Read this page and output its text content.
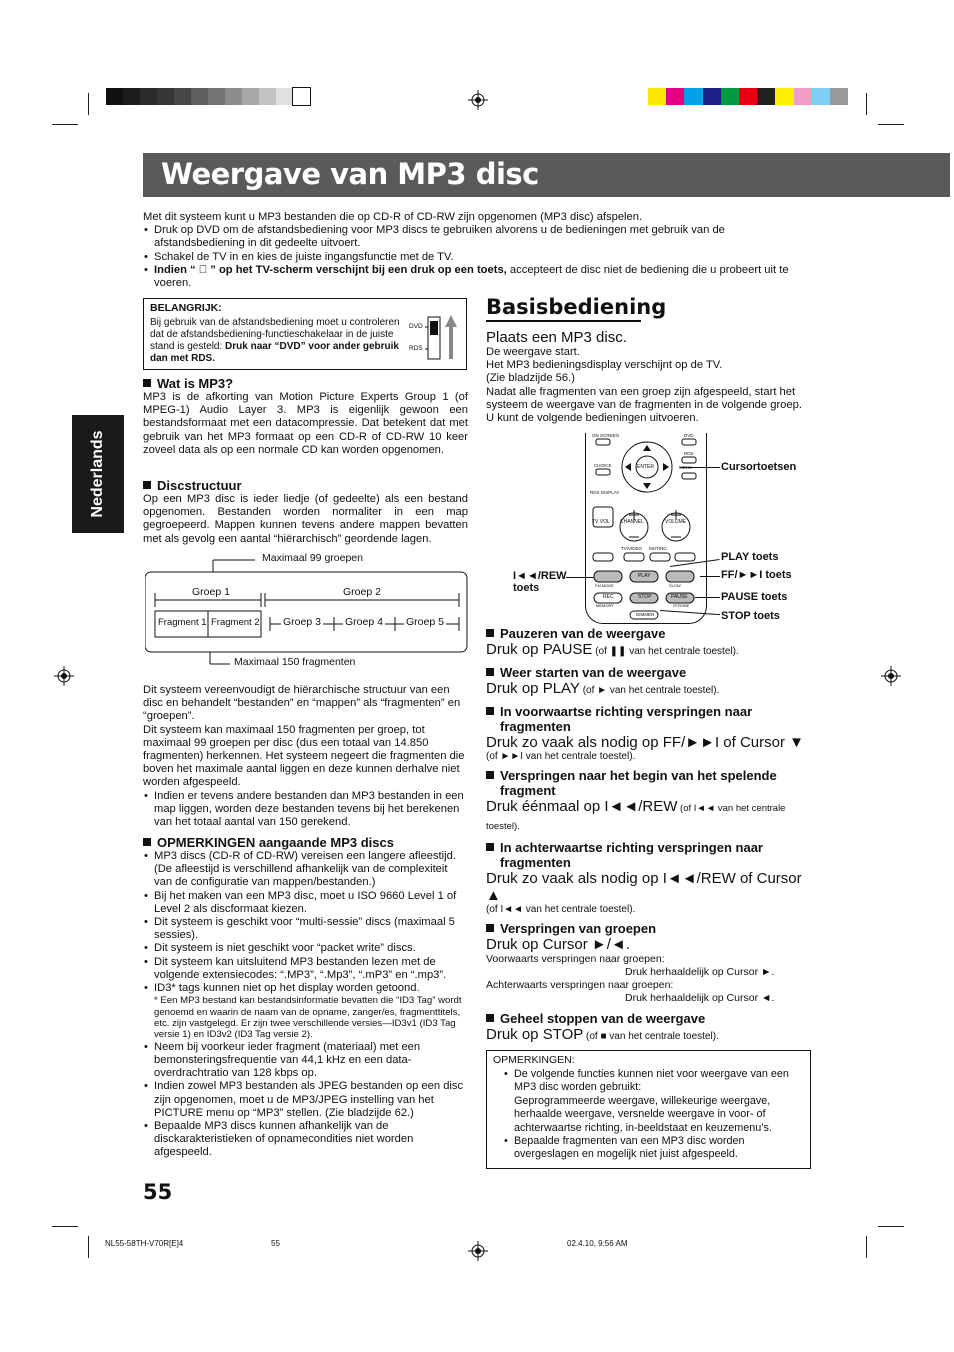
Weergave van MP3 disc
Nederlands
Met dit systeem kunt u MP3 bestanden die op CD-R of CD-RW zijn opgenomen (MP3 disc) afspelen.
• Druk op DVD om de afstandsbediening voor MP3 discs te gebruiken alvorens u de bedieningen met gebruik van de afstandsbediening in dit gedeelte uitvoert.
• Schakel de TV in en kies de juiste ingangsfunctie met de TV.
• Indien “ ⃠ ” op het TV-scherm verschijnt bij een druk op een toets, accepteert de disc niet de bediening die u probeert uit te voeren.
BELANGRIJK:
Bij gebruik van de afstandsbediening moet u controleren dat de afstandsbediening-functieschakelaar in de juiste stand is gesteld: Druk naar “DVD” voor ander gebruik dan met RDS.
DVD
RDS
Wat is MP3?
MP3 is de afkorting van Motion Picture Experts Group 1 (of MPEG-1) Audio Layer 3. MP3 is eigenlijk gewoon een bestandsformaat met een datacompressie. Dat betekent dat met gebruik van het MP3 formaat op een CD-R of CD-RW 10 keer zoveel data als op een normale CD kan worden opgenomen.
Discstructuur
Op een MP3 disc is ieder liedje (of gedeelte) als een bestand opgenomen. Bestanden worden normaliter in een map gegroepeerd. Mappen kunnen tevens andere mappen bevatten met als gevolg een aantal “hiërarchisch” geordende lagen.
Maximaal 99 groepen
Maximaal 150 fragmenten
Groep 1	Groep 2
Fragment 1 Fragment 2 Groep 3 Groep 4 Groep 5
Dit systeem vereenvoudigt de hiërarchische structuur van een disc en behandelt “bestanden” en “mappen” als “fragmenten” en “groepen”.
Dit systeem kan maximaal 150 fragmenten per groep, tot maximaal 99 groepen per disc (dus een totaal van 14.850 fragmenten) herkennen. Het systeem negeert die fragmenten die boven het maximale aantal liggen en deze kunnen derhalve niet worden afgespeeld.
• Indien er tevens andere bestanden dan MP3 bestanden in een map liggen, worden deze bestanden tevens bij het berekenen van het totaal aantal van 150 gerekend.
OPMERKINGEN aangaande MP3 discs
• MP3 discs (CD-R of CD-RW) vereisen een langere afleestijd. (De afleestijd is verschillend afhankelijk van de complexiteit van de configuratie van mappen/bestanden.)
• Bij het maken van een MP3 disc, moet u ISO 9660 Level 1 of Level 2 als discformaat kiezen.
• Dit systeem is geschikt voor “multi-sessie” discs (maximaal 5 sessies).
• Dit systeem is niet geschikt voor “packet write” discs.
• Dit systeem kan uitsluitend MP3 bestanden lezen met de volgende extensiecodes: “.MP3”, “.Mp3”, “.mP3” en “.mp3”.
• ID3* tags kunnen niet op het display worden getoond.
* Een MP3 bestand kan bestandsinformatie bevatten die “ID3 Tag” wordt genoemd en waarin de naam van de opname, zanger/es, fragmenttitels, etc. zijn vastgelegd. Er zijn twee verschillende versies—ID3v1 (ID3 Tag versie 1) en ID3v2 (ID3 Tag versie 2).
• Neem bij voorkeur ieder fragment (materiaal) met een bemonsteringsfrequentie van 44,1 kHz en een data-overdrachtratio van 128 kbps op.
• Indien zowel MP3 bestanden als JPEG bestanden op een disc zijn opgenomen, moet u de MP3/JPEG instelling van het PICTURE menu op “MP3” stellen. (Zie bladzijde 62.)
• Bepaalde MP3 discs kunnen afhankelijk van de disckarakteristieken of opnamecondities niet worden afgespeeld.
Basisbediening
Plaats een MP3 disc.
De weergave start.
Het MP3 bedieningsdisplay verschijnt op de TV.
(Zie bladzijde 56.)
Nadat alle fragmenten van een groep zijn afgespeeld, start het systeem de weergave van de fragmenten in de volgende groep. U kunt de volgende bedieningen uitvoeren.
ENTER
ON SCREEN
CHOICE
RDS DISPLAY
DVD
RDS
TV VOL CHANNEL	VOLUME
TV/VIDEO MUTING
FM MODE	SLOW
PLAY
REC
MEMORY
STOP	PAUSE
STROBE
DIMMER
Cursortoetsen
PLAY toets
FF/►►I toets
PAUSE toets
STOP toets
I◄◄/REW
toets
Pauzeren van de weergave
Druk op PAUSE (of ❚❚ van het centrale toestel).
Weer starten van de weergave
Druk op PLAY (of ► van het centrale toestel).
In voorwaartse richting verspringen naar fragmenten
Druk zo vaak als nodig op FF/►►I of Cursor ▼
(of ►►I van het centrale toestel).
Verspringen naar het begin van het spelende fragment
Druk éénmaal op I◄◄/REW (of I◄◄ van het centrale toestel).
In achterwaartse richting verspringen naar fragmenten
Druk zo vaak als nodig op I◄◄/REW of Cursor ▲
(of I◄◄ van het centrale toestel).
Verspringen van groepen
Druk op Cursor ►/◄.
Voorwaarts verspringen naar groepen:
Druk herhaaldelijk op Cursor ►.
Achterwaarts verspringen naar groepen:
Druk herhaaldelijk op Cursor ◄.
Geheel stoppen van de weergave
Druk op STOP (of ■ van het centrale toestel).
OPMERKINGEN:
• De volgende functies kunnen niet voor weergave van een MP3 disc worden gebruikt:
Geprogrammeerde weergave, willekeurige weergave, herhaalde weergave, versnelde weergave in voor- of achterwaartse richting, in-beeldstaat en keuzemenu’s.
• Bepaalde fragmenten van een MP3 disc worden overgeslagen en mogelijk niet juist afgespeeld.
55
NL55-58TH-V70R[E]4	55	02.4.10, 9:56 AM
